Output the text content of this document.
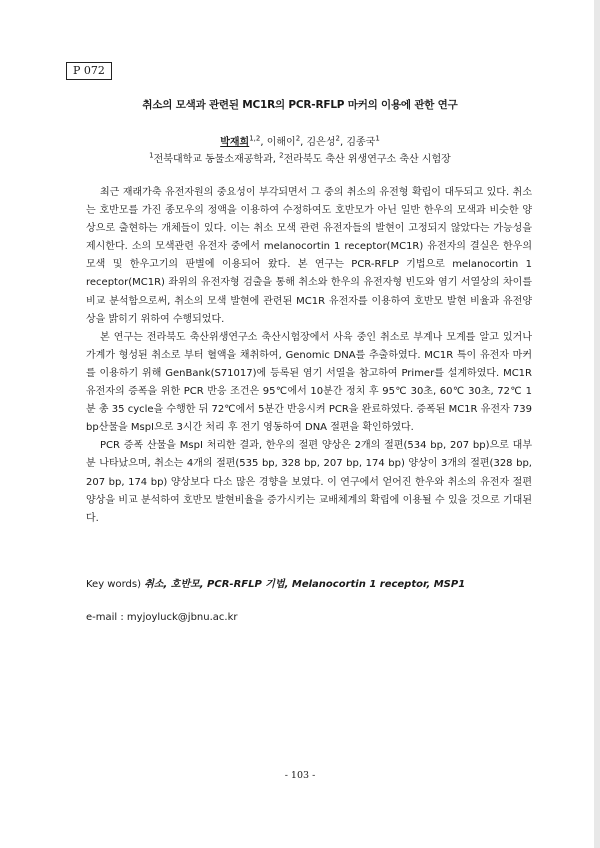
P 072
취소의 모색과 관련된 MC1R의 PCR-RFLP 마커의 이용에 관한 연구
박재희$^{1,2}$, 이해이$^2$, 김은성$^2$, 김종국$^1$
$^1$전북대학교 동물소재공학과, $^2$전라북도 축산 위생연구소 축산 시험장

최근 재래가축 유전자원의 중요성이 부각되면서 그 중의 취소의 유전형 확립이 대두되고 있다. 취소는 호반모를 가진 종모우의 정액을 이용하여 수정하여도 호반모가 아닌 일반 한우의 모색과 비슷한 양상으로 출현하는 개체들이 있다. 이는 취소 모색 관련 유전자들의 발현이 고정되지 않았다는 가능성을 제시한다. 소의 모색관련 유전자 중에서 melanocortin 1 receptor(MC1R) 유전자의 결실은 한우의 모색 및 한우고기의 판별에 이용되어 왔다. 본 연구는 PCR-RFLP 기법으로 melanocortin 1 receptor(MC1R) 좌위의 유전자형 검출을 통해 취소와 한우의 유전자형 빈도와 염기 서열상의 차이를 비교 분석함으로써, 취소의 모색 발현에 관련된 MC1R 유전자를 이용하여 호반모 발현 비율과 유전양상을 밝히기 위하여 수행되었다.

본 연구는 전라북도 축산위생연구소 축산시험장에서 사육 중인 취소로 부계나 모계를 알고 있거나 가계가 형성된 취소로 부터 혈액을 채취하여, Genomic DNA를 추출하였다. MC1R 특이 유전자 마커를 이용하기 위해 GenBank(S71017)에 등록된 염기 서열을 참고하여 Primer를 설계하였다. MC1R 유전자의 증폭을 위한 PCR 반응 조건은 95℃에서 10분간 정치 후 95℃ 30초, 60℃ 30초, 72℃ 1분 총 35 cycle을 수행한 뒤 72℃에서 5분간 반응시켜 PCR을 완료하였다. 증폭된 MC1R 유전자 739 bp산물을 MspI으로 3시간 처리 후 전기 영동하여 DNA 절편을 확인하였다.

PCR 증폭 산물을 MspI 처리한 결과, 한우의 절편 양상은 2개의 절편(534 bp, 207 bp)으로 대부분 나타났으며, 취소는 4개의 절편(535 bp, 328 bp, 207 bp, 174 bp) 양상이 3개의 절편(328 bp, 207 bp, 174 bp) 양상보다 다소 많은 경향을 보였다. 이 연구에서 얻어진 한우와 취소의 유전자 절편 양상을 비교 분석하여 호반모 발현비율을 증가시키는 교배체계의 확립에 이용될 수 있을 것으로 기대된다.

Key words) 취소, 호반모, PCR-RFLP 기법, Melanocortin 1 receptor, MSP1
e-mail : myjoyluck@jbnu.ac.kr
- 103 -
